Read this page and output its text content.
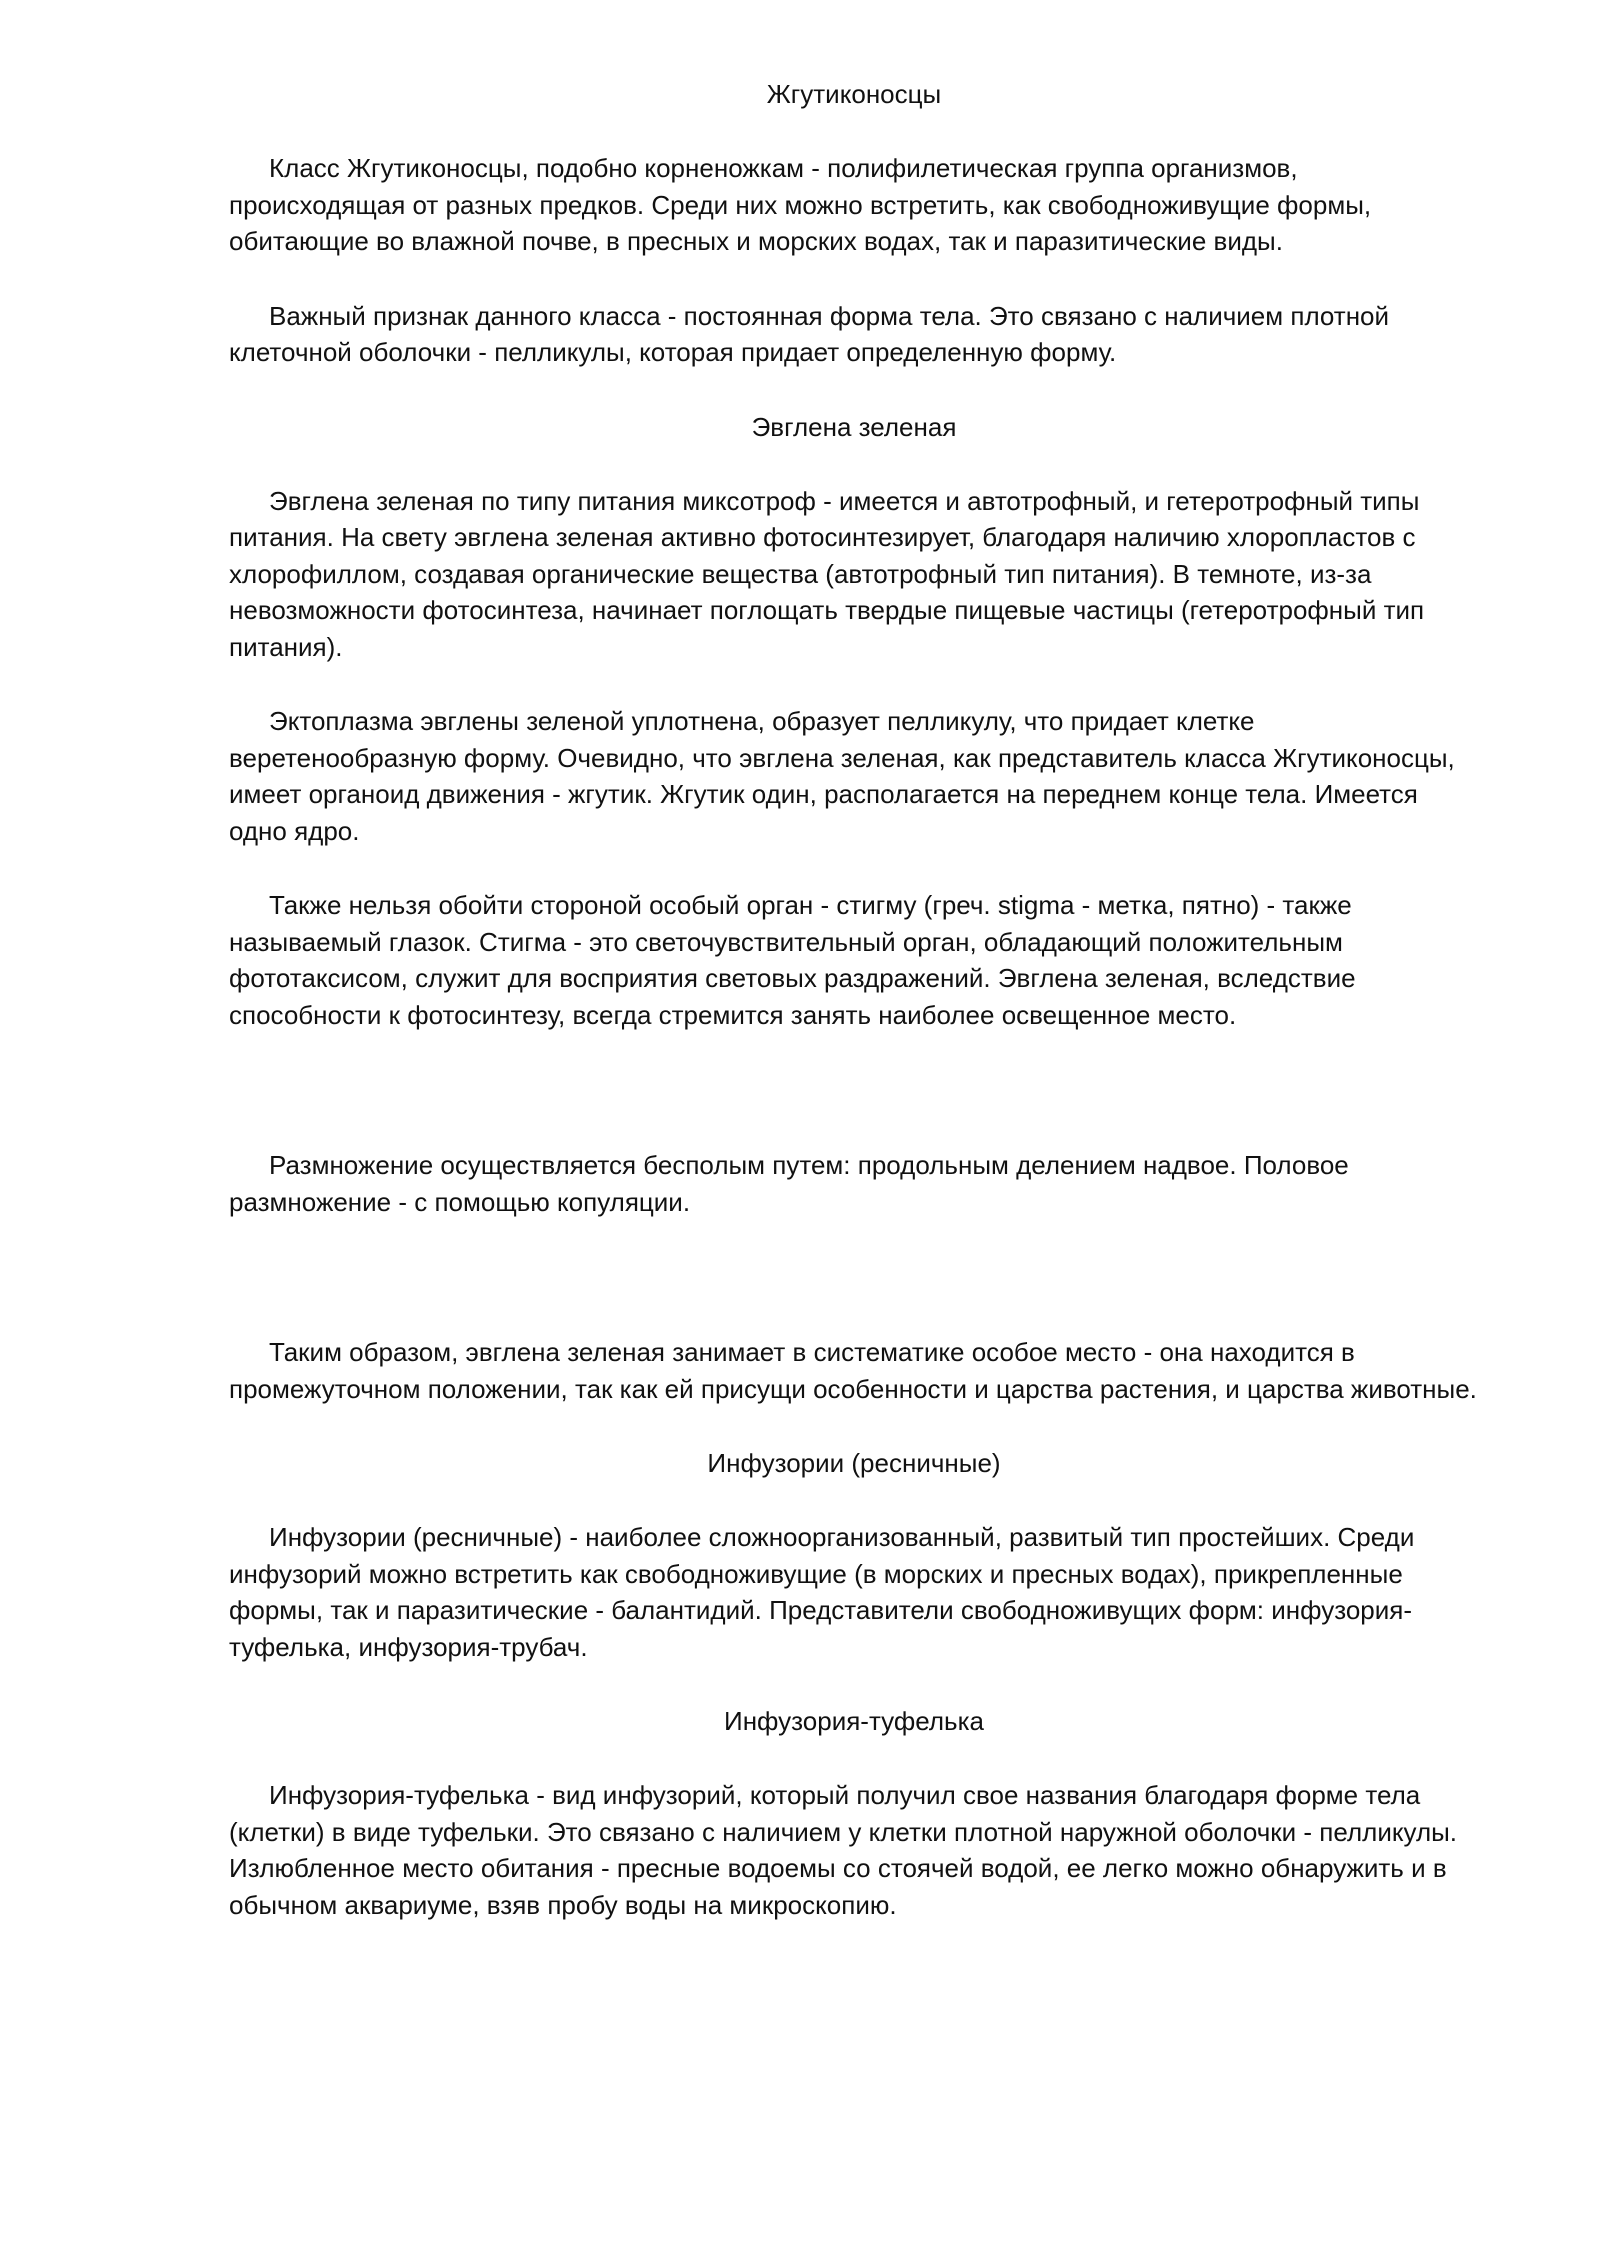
Жгутиконосцы

Класс Жгутиконосцы, подобно корненожкам - полифилетическая группа организмов, происходящая от разных предков. Среди них можно встретить, как свободноживущие формы, обитающие во влажной почве, в пресных и морских водах, так и паразитические виды.

Важный признак данного класса - постоянная форма тела. Это связано с наличием плотной клеточной оболочки - пелликулы, которая придает определенную форму.

Эвглена зеленая

Эвглена зеленая по типу питания миксотроф - имеется и автотрофный, и гетеротрофный типы питания. На свету эвглена зеленая активно фотосинтезирует, благодаря наличию хлоропластов с хлорофиллом, создавая органические вещества (автотрофный тип питания). В темноте, из-за невозможности фотосинтеза, начинает поглощать твердые пищевые частицы (гетеротрофный тип питания).

Эктоплазма эвглены зеленой уплотнена, образует пелликулу, что придает клетке веретенообразную форму. Очевидно, что эвглена зеленая, как представитель класса Жгутиконосцы, имеет органоид движения - жгутик. Жгутик один, располагается на переднем конце тела. Имеется одно ядро.

Также нельзя обойти стороной особый орган - стигму (греч. stigma - метка, пятно) - также называемый глазок. Стигма - это светочувствительный орган, обладающий положительным фототаксисом, служит для восприятия световых раздражений. Эвглена зеленая, вследствие способности к фотосинтезу, всегда стремится занять наиболее освещенное место.

Размножение осуществляется бесполым путем: продольным делением надвое. Половое размножение - с помощью копуляции.

Таким образом, эвглена зеленая занимает в систематике особое место - она находится в промежуточном положении, так как ей присущи особенности и царства растения, и царства животные.

Инфузории (ресничные)

Инфузории (ресничные) - наиболее сложноорганизованный, развитый тип простейших. Среди инфузорий можно встретить как свободноживущие (в морских и пресных водах), прикрепленные формы, так и паразитические - балантидий. Представители свободноживущих форм: инфузория-туфелька, инфузория-трубач.

Инфузория-туфелька

Инфузория-туфелька - вид инфузорий, который получил свое названия благодаря форме тела (клетки) в виде туфельки. Это связано с наличием у клетки плотной наружной оболочки - пелликулы. Излюбленное место обитания - пресные водоемы со стоячей водой, ее легко можно обнаружить и в обычном аквариуме, взяв пробу воды на микроскопию.
